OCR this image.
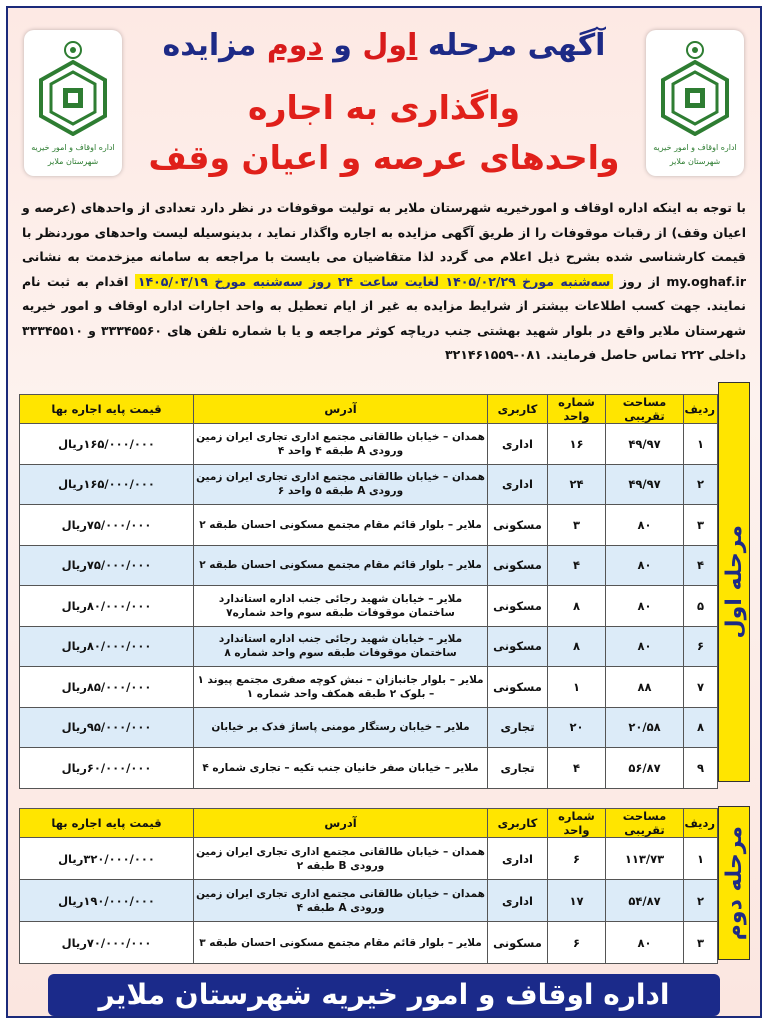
اداره اوقاف و امور خیریه
شهرستان ملایر
اداره اوقاف و امور خیریه
شهرستان ملایر
آگهی مرحله اول و دوم مزایده
واگذاری به اجاره
واحدهای عرصه و اعیان وقف
با توجه به اینکه اداره اوقاف و امورخیریه شهرستان ملایر به تولیت موقوفات در نظر دارد تعدادی از واحدهای (عرصه و اعیان وقف) از رقبات موقوفات را از طریق آگهی مزایده به اجاره واگذار نماید ، بدینوسیله لیست واحدهای موردنظر با قیمت کارشناسی شده بشرح ذیل اعلام می گردد لذا متقاضیان می بایست با مراجعه به سامانه میزخدمت به نشانی my.oghaf.ir از روز سه‌شنبه مورخ ۱۴۰۵/۰۲/۲۹ لغایت ساعت ۲۴ روز سه‌شنبه مورخ ۱۴۰۵/۰۳/۱۹ اقدام به ثبت نام نمایند. جهت کسب اطلاعات بیشتر از شرایط مزایده به غیر از ایام تعطیل به واحد اجارات اداره اوقاف و امور خیریه شهرستان ملایر واقع در بلوار شهید بهشتی جنب دریاچه کوثر مراجعه و یا با شماره تلفن های ۳۳۳۴۵۵۶۰ و ۳۳۳۴۵۵۱۰ داخلی ۲۲۲ تماس حاصل فرمایند. ۰۸۱-۳۲۱۴۶۱۵۵۹
مرحله اول
ردیف	مساحت تقریبی	شماره واحد	کاربری	آدرس	قیمت پایه اجاره بها
۱	۴۹/۹۷	۱۶	اداری	همدان – خیابان طالقانی مجتمع اداری تجاری ایران زمین ورودی A طبقه ۴ واحد ۴	۱۶۵/۰۰۰/۰۰۰ریال
۲	۴۹/۹۷	۲۴	اداری	همدان – خیابان طالقانی مجتمع اداری تجاری ایران زمین ورودی A طبقه ۵ واحد ۶	۱۶۵/۰۰۰/۰۰۰ریال
۳	۸۰	۳	مسکونی	ملایر – بلوار قائم مقام مجتمع مسکونی احسان طبقه ۲	۷۵/۰۰۰/۰۰۰ریال
۴	۸۰	۴	مسکونی	ملایر – بلوار قائم مقام مجتمع مسکونی احسان طبقه ۲	۷۵/۰۰۰/۰۰۰ریال
۵	۸۰	۸	مسکونی	ملایر – خیابان شهید رجائی جنب اداره استاندارد ساختمان موقوفات طبقه سوم واحد شماره۷	۸۰/۰۰۰/۰۰۰ریال
۶	۸۰	۸	مسکونی	ملایر – خیابان شهید رجائی جنب اداره استاندارد ساختمان موقوفات طبقه سوم واحد شماره ۸	۸۰/۰۰۰/۰۰۰ریال
۷	۸۸	۱	مسکونی	ملایر – بلوار جانبازان – نبش کوچه صفری مجتمع پیوند ۱ – بلوک ۲ طبقه همکف واحد شماره ۱	۸۵/۰۰۰/۰۰۰ریال
۸	۲۰/۵۸	۲۰	تجاری	ملایر – خیابان رستگار مومنی پاساژ فدک بر خیابان	۹۵/۰۰۰/۰۰۰ریال
۹	۵۶/۸۷	۴	تجاری	ملایر – خیابان صفر خانیان جنب تکیه – تجاری شماره ۴	۶۰/۰۰۰/۰۰۰ریال
مرحله دوم
ردیف	مساحت تقریبی	شماره واحد	کاربری	آدرس	قیمت پایه اجاره بها
۱	۱۱۳/۷۳	۶	اداری	همدان – خیابان طالقانی مجتمع اداری تجاری ایران زمین ورودی B طبقه ۲	۳۲۰/۰۰۰/۰۰۰ریال
۲	۵۴/۸۷	۱۷	اداری	همدان – خیابان طالقانی مجتمع اداری تجاری ایران زمین ورودی A طبقه ۴	۱۹۰/۰۰۰/۰۰۰ریال
۳	۸۰	۶	مسکونی	ملایر – بلوار قائم مقام مجتمع مسکونی احسان طبقه ۳	۷۰/۰۰۰/۰۰۰ریال
اداره اوقاف و امور خیریه شهرستان ملایر
